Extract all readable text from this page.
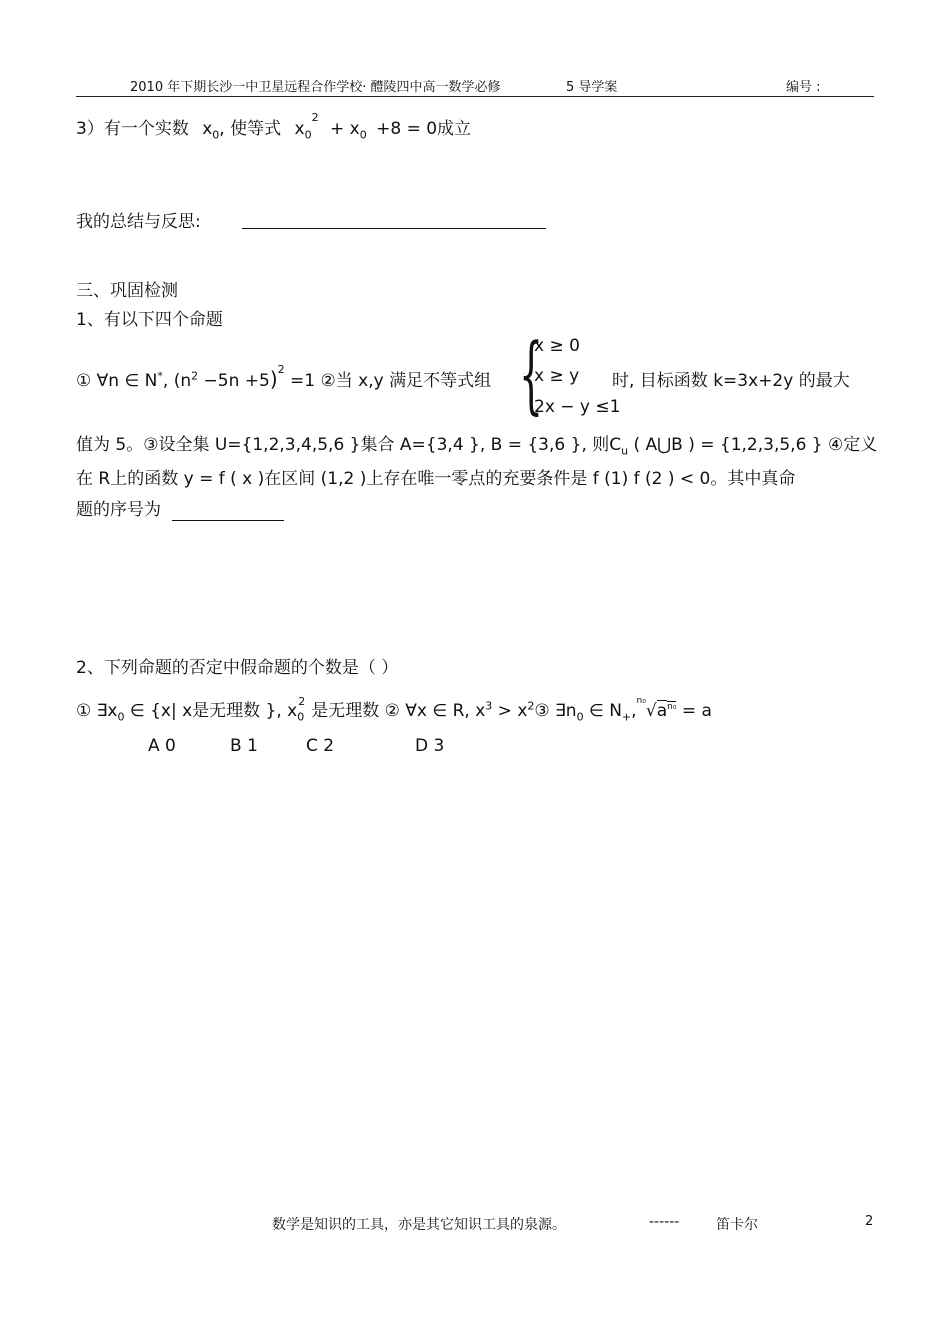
2010 年下期长沙一中卫星远程合作学校· 醴陵四中高一数学必修	5 导学案	编号 :
3）有一个实数 $x_0$, 使等式 $x_0^2 + x_0 +8 = 0$成立
我的总结与反思:
三、巩固检测
1、有以下四个命题
{
x ≥ 0
x ≥ y
2x − y ≤1
① ∀n ∈ N*, $(n^2 -5n +5)^2 =1$ ②当 x,y 满足不等式组	时, 目标函数 k=3x+2y 的最大
值为 5。③设全集 U={1,2,3,4,5,6 }集合 A={3,4 }, B = {3,6 }, 则$C_u$ ( A⋃B ) = {1,2,3,5,6 } ④定义
在 R上的函数 y = f ( x )在区间 (1,2 )上存在唯一零点的充要条件是 f (1) f (2 ) < 0。其中真命
题的序号为
2、下列命题的否定中假命题的个数是（ ）
① $\exists x_0$ ∈ {x| x是无理数 }, $x_0^2$ 是无理数 ② ∀x ∈ R, $x^3$ > $x^2③$ $\exists n_0$ ∈ $N_+,^{n_0}√a^{n_0} = a$
A 0	B 1	C 2	D 3
数学是知识的工具，亦是其它知识工具的泉源。	------	笛卡尔	2
